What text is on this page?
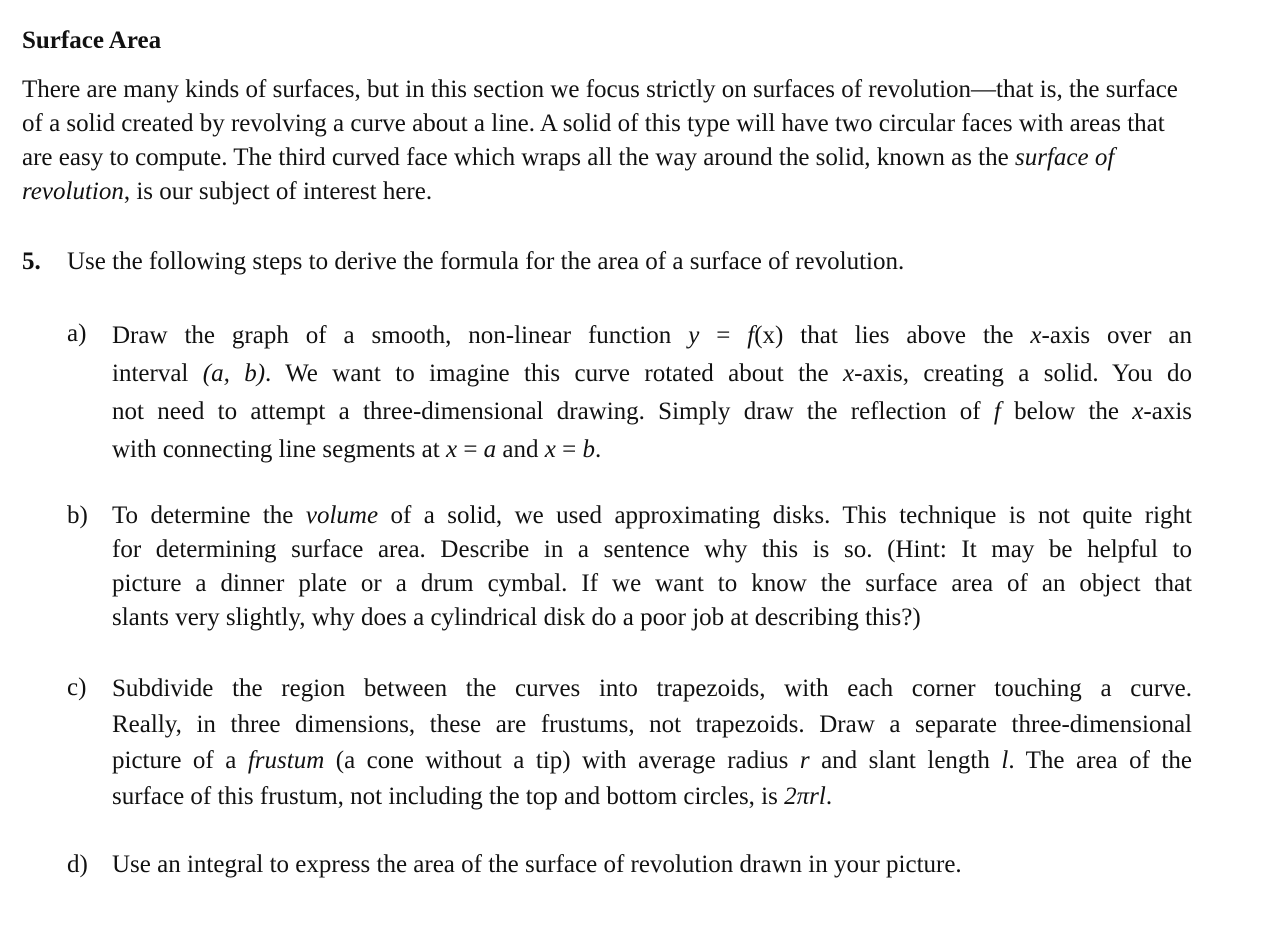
Surface Area
There are many kinds of surfaces, but in this section we focus strictly on surfaces of revolution—that is, the surface of a solid created by revolving a curve about a line. A solid of this type will have two circular faces with areas that are easy to compute. The third curved face which wraps all the way around the solid, known as the surface of revolution, is our subject of interest here.
5. Use the following steps to derive the formula for the area of a surface of revolution.
a) Draw the graph of a smooth, non-linear function y = f(x) that lies above the x-axis over an
interval (a, b). We want to imagine this curve rotated about the x-axis, creating a solid. You do
not need to attempt a three-dimensional drawing. Simply draw the reflection of f below the x-axis
with connecting line segments at x = a and x = b.
b) To determine the volume of a solid, we used approximating disks. This technique is not quite right
for determining surface area. Describe in a sentence why this is so. (Hint: It may be helpful to
picture a dinner plate or a drum cymbal. If we want to know the surface area of an object that
slants very slightly, why does a cylindrical disk do a poor job at describing this?)
c) Subdivide the region between the curves into trapezoids, with each corner touching a curve.
Really, in three dimensions, these are frustums, not trapezoids. Draw a separate three-dimensional
picture of a frustum (a cone without a tip) with average radius r and slant length l. The area of the
surface of this frustum, not including the top and bottom circles, is 2πrl.
d) Use an integral to express the area of the surface of revolution drawn in your picture.
